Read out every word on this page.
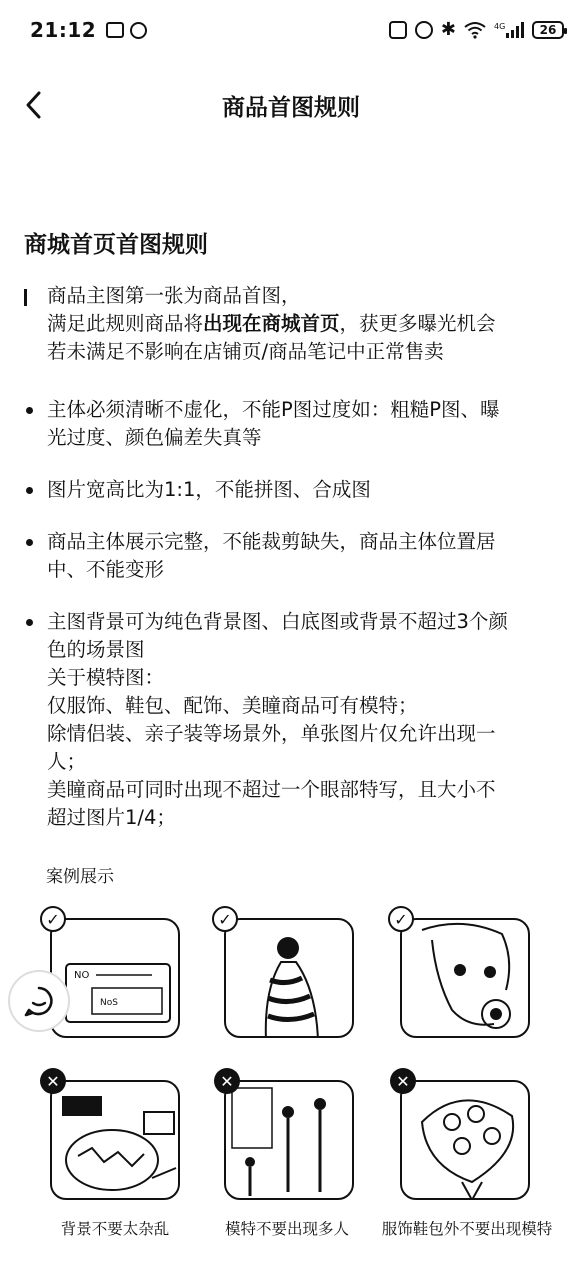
21:12	✱	4G	26
商品首图规则
商城首页首图规则
商品主图第一张为商品首图，
满足此规则商品将出现在商城首页，获更多曝光机会
若未满足不影响在店铺页/商品笔记中正常售卖
主体必须清晰不虚化，不能P图过度如：粗糙P图、曝
光过度、颜色偏差失真等
图片宽高比为1:1，不能拼图、合成图
商品主体展示完整，不能裁剪缺失，商品主体位置居
中、不能变形
主图背景可为纯色背景图、白底图或背景不超过3个颜
色的场景图
关于模特图：
仅服饰、鞋包、配饰、美瞳商品可有模特；
除情侣装、亲子装等场景外，单张图片仅允许出现一
人；
美瞳商品可同时出现不超过一个眼部特写，且大小不
超过图片1/4；
案例展示
NO
NoS
✓	✓	✓
✕	✕	✕
背景不要太杂乱	模特不要出现多人	服饰鞋包外不要出现模特
